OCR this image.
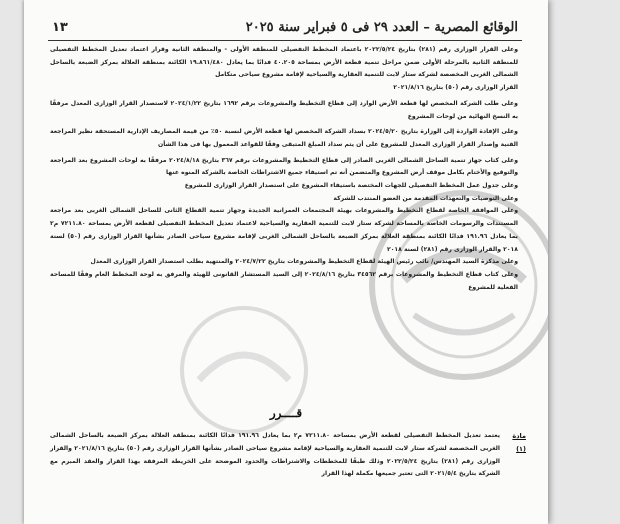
الوقائع المصرية – العدد ٢٩ فى ٥ فبراير سنة ٢٠٢٥
١٣

وعلى القرار الوزارى رقم (٢٨١) بتاريخ ٢٠٢٢/٥/٢٤ باعتماد المخطط التفصيلى للمنطقة الأولى - والمنطقة الثانية وقرار اعتماد تعديل المخطط التفصيلى للمنطقة الثانية بالمرحلة الأولى ضمن مراحل تنمية قطعة الأرض بمساحة ٤٠.٢٠٥ فدانًا بما يعادل ١٩.٨٦١/٤٨٠ الكائنة بمنطقة العلالة بمركز الضبعة بالساحل الشمالى الغربى المخصصة لشركة ستار لابت للتنمية العقارية والسياحية لإقامة مشروع سياحى متكامل

القرار الوزارى رقم (٥٠) بتاريخ ٢٠٢١/٨/١٦

وعلى طلب الشركة المخصص لها قطعة الأرض الوارد إلى قطاع التخطيط والمشروعات برقم ١٦٩٢ بتاريخ ٢٠٢٤/١/٢٢ لاستصدار القرار الوزارى المعدل مرفقًا به النسخ النهائية من لوحات المشروع

وعلى الإفادة الواردة إلى الوزارة بتاريخ ٢٠٢٤/٥/٢٠ بسداد الشركة المخصص لها قطعة الأرض لنسبة ٥٠٪ من قيمة المصاريف الإدارية المستحقة نظير المراجعة الفنية وإصدار القرار الوزارى المعدل للمشروع على أن يتم سداد المبلغ المتبقى وفقًا للقواعد المعمول بها فى هذا الشأن

وعلى كتاب جهاز تنمية الساحل الشمالى الغربى الصادر إلى قطاع التخطيط والمشروعات برقم ٣٦٧ بتاريخ ٢٠٢٤/٨/١٨ مرفقًا به لوحات المشروع بعد المراجعة والتوقيع والأختام بكامل موقف أرض المشروع والمتضمن أنه تم استيفاء جميع الاشتراطات الخاصة بالشركة المنوه عنها

وعلى جدول عمل المخطط التفصيلى للجهات المختصة باستيفاء المشروع على استصدار القرار الوزارى للمشروع

وعلى التوصيات والتعهدات المقدمة من العضو المنتدب للشركة

وعلى الموافقة الخاصة لقطاع التخطيط والمشروعات بهيئة المجتمعات العمرانية الجديدة وجهاز تنمية القطاع الثانى للساحل الشمالى الغربى بعد مراجعة المستندات والرسومات الخاصة بالمساحة لشركة ستار لابت للتنمية العقارية والسياحية لاعتماد تعديل المخطط التفصيلى لقطعة الأرض بمساحة ٧٢١١.٨٠ م٢ بما يعادل ١٩١.٩٦ فدانًا الكائنة بمنطقة العلالة بمركز الضبعة بالساحل الشمالى الغربى لإقامة مشروع سياحى الصادر بشأنها القرار الوزارى رقم (٥٠) لسنة ٢٠١٨ والقرار الوزارى رقم (٢٨١) لسنة ٢٠١٨

وعلى مذكرة السيد المهندس/ نائب رئيس الهيئة لقطاع التخطيط والمشروعات بتاريخ ٢٠٢٤/٧/٢٢ والمنتهية بطلب استصدار القرار الوزارى المعدل

وعلى كتاب قطاع التخطيط والمشروعات برقم ٣٤٥٦٢ بتاريخ ٢٠٢٤/٨/١٦ إلى السيد المستشار القانونى للهيئة والمرفق به لوحة المخطط العام وفقًا للمساحة الفعلية للمشروع

قــــرر
مادة (١)
يعتمد تعديل المخطط التفصيلى لقطعة الأرض بمساحة ٧٢١١.٨٠ م٢ بما يعادل ١٩١.٩٦ فدانًا الكائنة بمنطقة العلالة بمركز الضبعة بالساحل الشمالى الغربى المخصصة لشركة ستار لابت للتنمية العقارية والسياحية لإقامة مشروع سياحى الصادر بشأنها القرار الوزارى رقم (٥٠) بتاريخ ٢٠٢١/٨/١٦ والقرار الوزارى رقم (٢٨١) بتاريخ ٢٠٢٢/٥/٢٤ وذلك طبقًا للمخططات والاشتراطات والحدود الموضحة على الخريطة المرفقة بهذا القرار والعقد المبرم مع الشركة بتاريخ ٢٠٢١/٥/٤ التى تعتبر جميعها مكملة لهذا القرار
